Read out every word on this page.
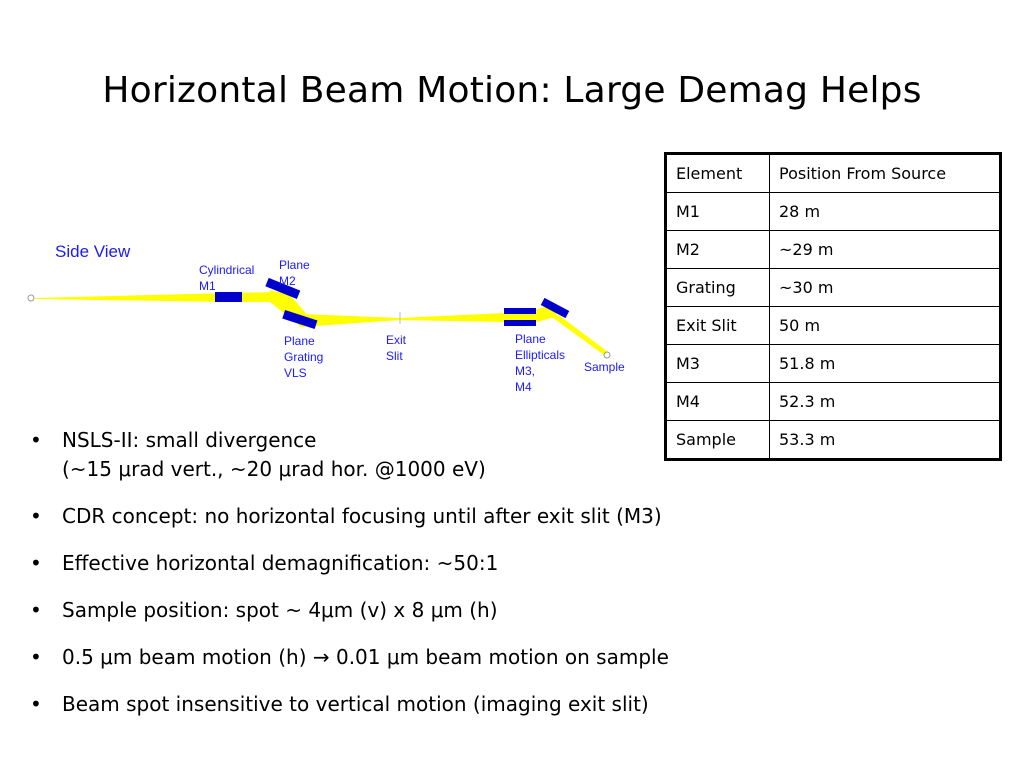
Horizontal Beam Motion: Large Demag Helps
Side View
Cylindrical
M1
Plane
M2
Plane
Grating
VLS
Exit
Slit
Plane
Ellipticals
M3,
M4
Sample
Element	Position From Source
M1	28 m
M2	~29 m
Grating	~30 m
Exit Slit	50 m
M3	51.8 m
M4	52.3 m
Sample	53.3 m
• NSLS-II: small divergence
(~15 μrad vert., ~20 μrad hor. @1000 eV)
• CDR concept: no horizontal focusing until after exit slit (M3)
• Effective horizontal demagnification: ~50:1
• Sample position: spot ~ 4μm (v) x 8 μm (h)
• 0.5 μm beam motion (h) → 0.01 μm beam motion on sample
• Beam spot insensitive to vertical motion (imaging exit slit)
